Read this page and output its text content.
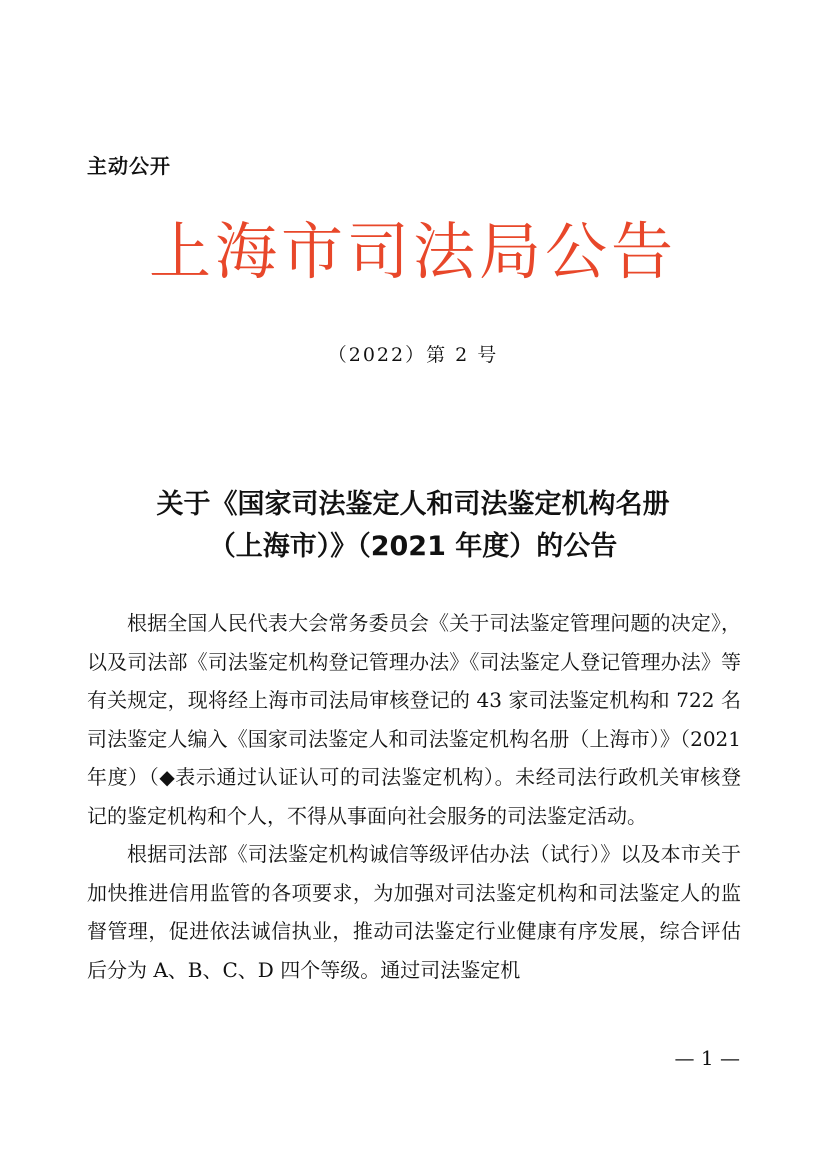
主动公开
上海市司法局公告
（2022）第 2 号
关于《国家司法鉴定人和司法鉴定机构名册
（上海市）》（2021 年度）的公告

根据全国人民代表大会常务委员会《关于司法鉴定管理问题的决定》，以及司法部《司法鉴定机构登记管理办法》《司法鉴定人登记管理办法》等有关规定，现将经上海市司法局审核登记的 43 家司法鉴定机构和 722 名司法鉴定人编入《国家司法鉴定人和司法鉴定机构名册（上海市）》（2021 年度）（◆表示通过认证认可的司法鉴定机构）。未经司法行政机关审核登记的鉴定机构和个人，不得从事面向社会服务的司法鉴定活动。

根据司法部《司法鉴定机构诚信等级评估办法（试行）》以及本市关于加快推进信用监管的各项要求，为加强对司法鉴定机构和司法鉴定人的监督管理，促进依法诚信执业，推动司法鉴定行业健康有序发展，综合评估后分为 A、B、C、D 四个等级。通过司法鉴定机

— 1 —
